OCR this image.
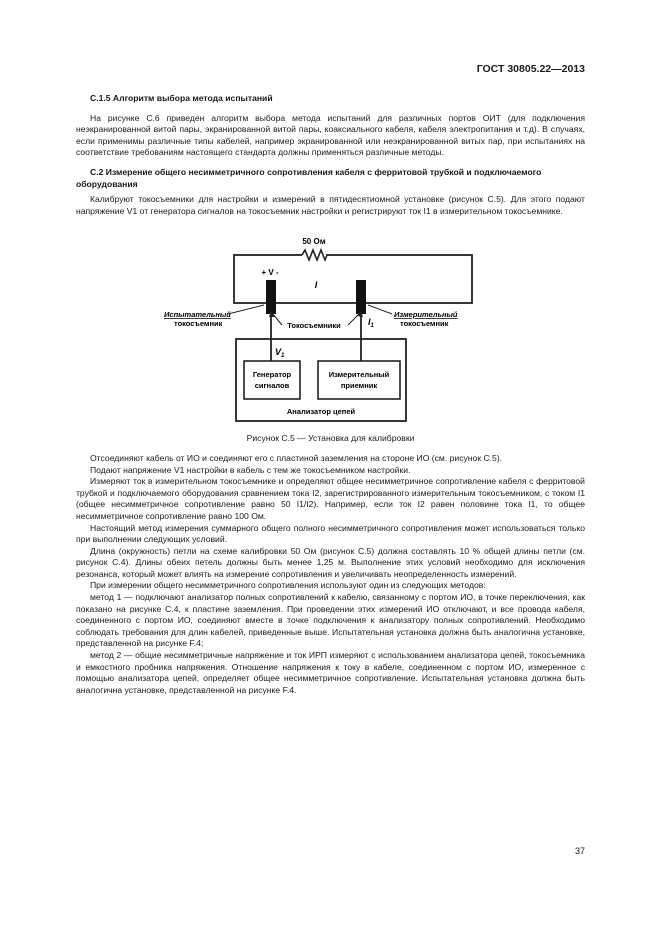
ГОСТ 30805.22—2013

С.1.5 Алгоритм выбора метода испытаний

На рисунке С.6 приведен алгоритм выбора метода испытаний для различных портов ОИТ (для подключения неэкранированной витой пары, экранированной витой пары, коаксиального кабеля, кабеля электропитания и т.д). В случаях, если применимы различные типы кабелей, например экранированной или неэкранированной витых пар, при испытаниях на соответствие требованиям настоящего стандарта должны применяться различные методы.

С.2 Измерение общего несимметричного сопротивления кабеля с ферритовой трубкой и подключаемого оборудования

Калибруют токосъемники для настройки и измерений в пятидесятиомной установке (рисунок С.5). Для этого подают напряжение V1 от генератора сигналов на токосъемник настройки и регистрируют ток I1 в измерительном токосъемнике.

50 Ом
+ V -
I
Испытательный
токосъемник
Измерительный
токосъемник
Токосъемники	$I_1$
$V_1$
Генератор
сигналов
Измерительный
приемник
Анализатор цепей

Рисунок С.5 — Установка для калибровки

Отсоединяют кабель от ИО и соединяют его с пластиной заземления на стороне ИО (см. рисунок С.5).

Подают напряжение V1 настройки в кабель с тем же токосъемником настройки.

Измеряют ток в измерительном токосъемнике и определяют общее несимметричное сопротивление кабеля с ферритовой трубкой и подключаемого оборудования сравнением тока I2, зарегистрированного измерительным токосъемником, с током I1 (общее несимметричное сопротивление равно 50 I1/I2). Например, если ток I2 равен половине тока I1, то общее несимметричное сопротивление равно 100 Ом.

Настоящий метод измерения суммарного общего полного несимметричного сопротивления может использоваться только при выполнении следующих условий.

Длина (окружность) петли на схеме калибровки 50 Ом (рисунок С.5) должна составлять 10 % общей длины петли (см. рисунок С.4). Длины обеих петель должны быть менее 1,25 м. Выполнение этих условий необходимо для исключения резонанса, который может влиять на измерение сопротивления и увеличивать неопределенность измерений.

При измерении общего несимметричного сопротивления используют один из следующих методов:

метод 1 — подключают анализатор полных сопротивлений к кабелю, связанному с портом ИО, в точке переключения, как показано на рисунке С.4, к пластине заземления. При проведении этих измерений ИО отключают, и все провода кабеля, соединенного с портом ИО, соединяют вместе в точке подключения к анализатору полных сопротивлений. Необходимо соблюдать требования для длин кабелей, приведенные выше. Испытательная установка должна быть аналогична установке, представленной на рисунке F.4;

метод 2 — общие несимметричные напряжение и ток ИРП измеряют с использованием анализатора цепей, токосъемника и емкостного пробника напряжения. Отношение напряжения к току в кабеле, соединенном с портом ИО, измеренное с помощью анализатора цепей, определяет общее несимметричное сопротивление. Испытательная установка должна быть аналогична установке, представленной на рисунке F.4.

37
